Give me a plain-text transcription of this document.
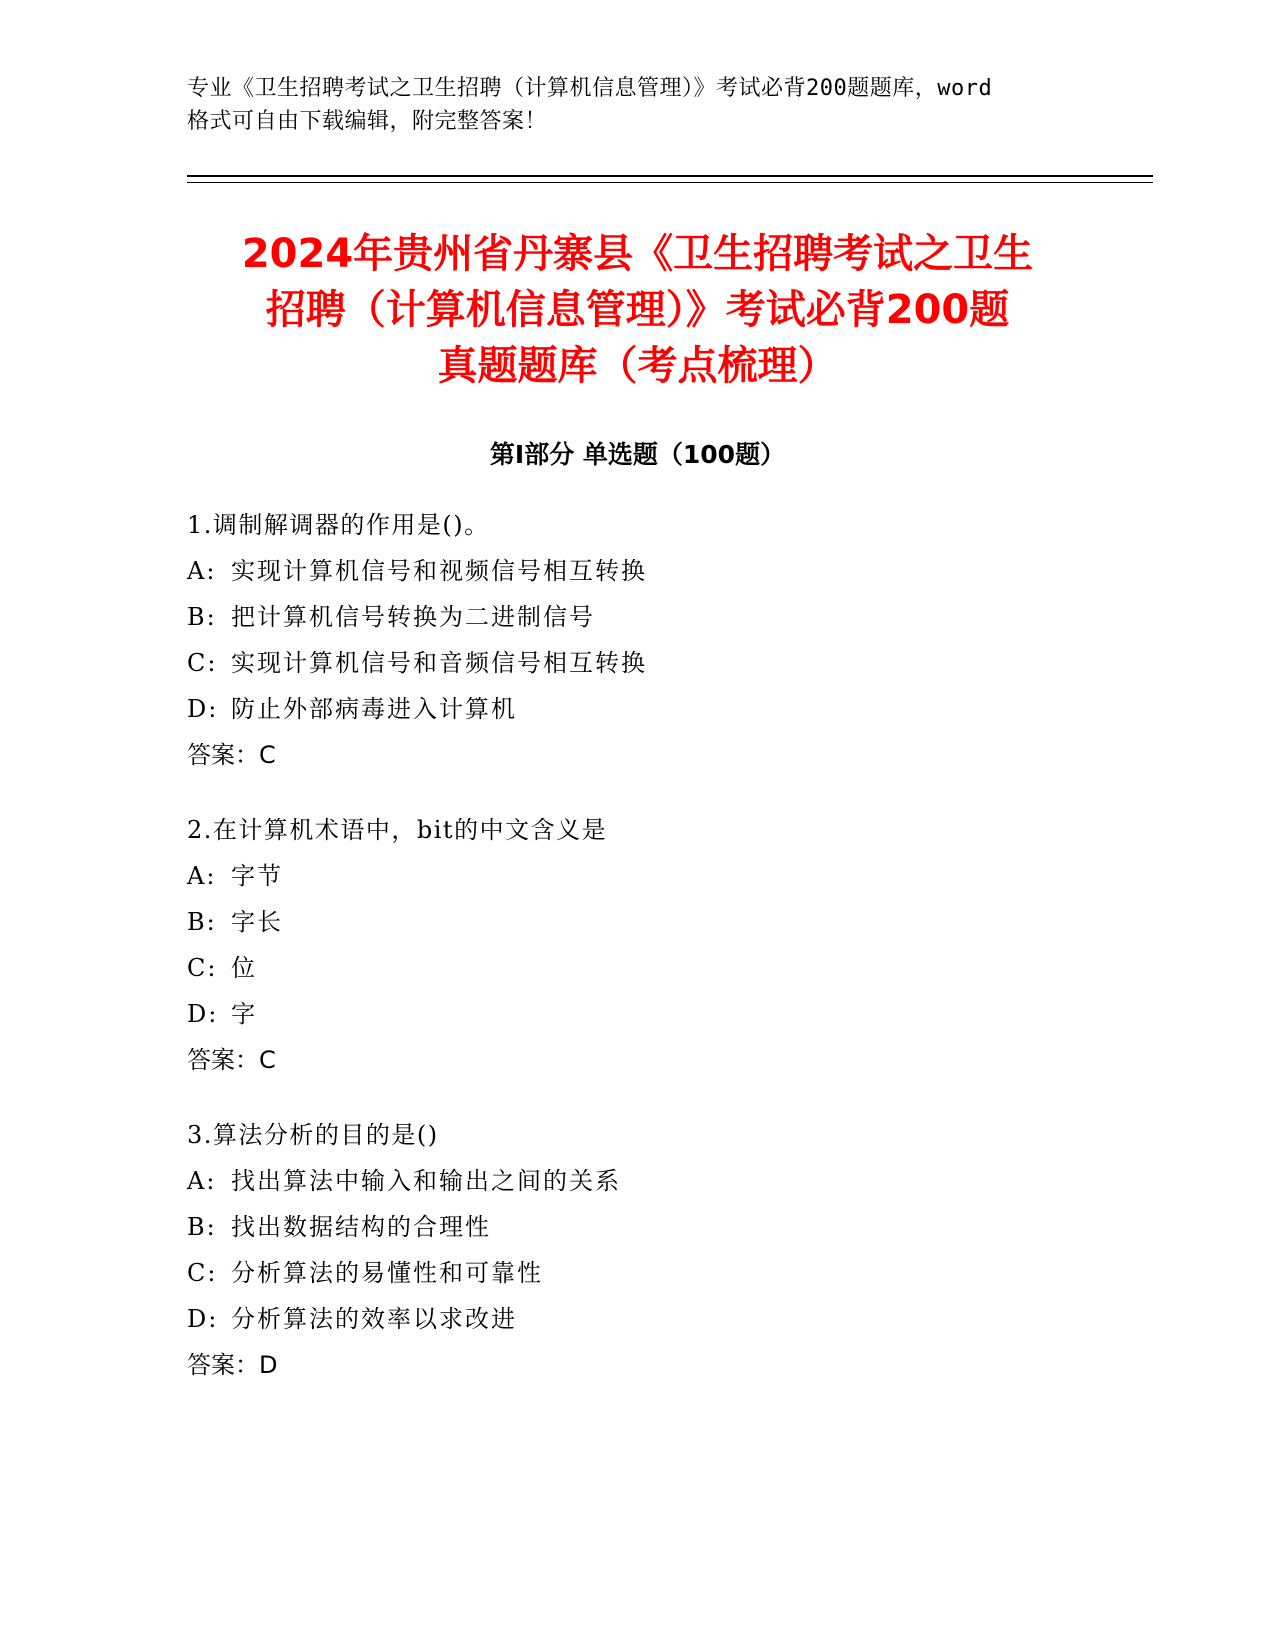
专业《卫生招聘考试之卫生招聘（计算机信息管理）》考试必背200题题库，word
格式可自由下载编辑，附完整答案！
2024年贵州省丹寨县《卫生招聘考试之卫生
招聘（计算机信息管理）》考试必背200题
真题题库（考点梳理）
第Ⅰ部分 单选题（100题）
1.调制解调器的作用是()。
A: 实现计算机信号和视频信号相互转换
B: 把计算机信号转换为二进制信号
C: 实现计算机信号和音频信号相互转换
D: 防止外部病毒进入计算机
答案：C
2.在计算机术语中，bit的中文含义是
A: 字节
B: 字长
C: 位
D: 字
答案：C
3.算法分析的目的是()
A: 找出算法中输入和输出之间的关系
B: 找出数据结构的合理性
C: 分析算法的易懂性和可靠性
D: 分析算法的效率以求改进
答案：D
